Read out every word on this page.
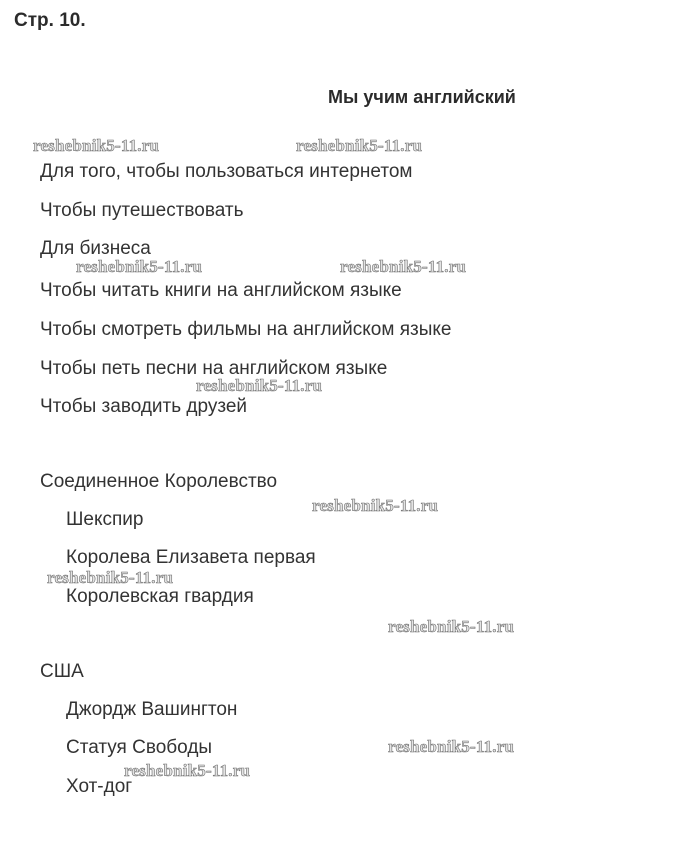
Стр. 10.
Мы учим английский
Для того, чтобы пользоваться интернетом
Чтобы путешествовать
Для бизнеса
Чтобы читать книги на английском языке
Чтобы смотреть фильмы на английском языке
Чтобы петь песни на английском языке
Чтобы заводить друзей
Соединенное Королевство
Шекспир
Королева Елизавета первая
Королевская гвардия
США
Джордж Вашингтон
Статуя Свободы
Хот-дог
reshebnik5-11.ru	reshebnik5-11.ru
reshebnik5-11.ru	reshebnik5-11.ru
reshebnik5-11.ru
reshebnik5-11.ru
reshebnik5-11.ru
reshebnik5-11.ru
reshebnik5-11.ru
reshebnik5-11.ru
